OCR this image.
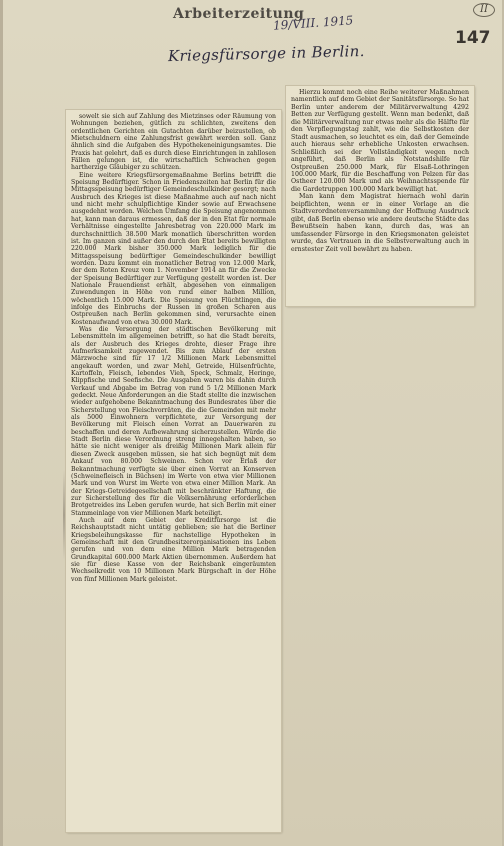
Arbeiterzeitung
19/VIII. 1915
II
147
Kriegsfürsorge in Berlin.

sowelt sie sich auf Zahlung des Mietzinses oder Räumung von Wohnungen beziehen, gütlich zu schlichten, zweitens den ordentlichen Gerichten ein Gutachten darüber beizustellen, ob Mietschuldnern eine Zahlungsfrist gewährt werden soll. Ganz ähnlich sind die Aufgaben des Hypothekeneinigungsamtes. Die Praxis hat gelehrt, daß es durch diese Einrichtungen in zahllosen Fällen gelungen ist, die wirtschaftlich Schwachen gegen hartherzige Gläubiger zu schützen.

Eine weitere Kriegsfürsorgemaßnahme Berlins betrifft die Speisung Bedürftiger. Schon in Friedenszeiten hat Berlin für die Mittagsspeisung bedürftiger Gemeindeschulkinder gesorgt; nach Ausbruch des Krieges ist diese Maßnahme auch auf nach nicht und nicht mehr schulpflichtige Kinder sowie auf Erwachsene ausgedehnt worden. Welchen Umfang die Speisung angenommen hat, kann man daraus ermessen, daß der in den Etat für normale Verhältnisse eingestellte Jahresbetrag von 220.000 Mark im durchschnittlich 38.500 Mark monatlich überschritten worden ist. Im ganzen sind außer den durch den Etat bereits bewilligten 220.000 Mark bisher 350.000 Mark lediglich für die Mittagsspeisung bedürftiger Gemeindeschulkinder bewilligt worden. Dazu kommt ein monatlicher Betrag von 12.000 Mark, der dem Roten Kreuz vom 1. November 1914 an für die Zwecke der Speisung Bedürftiger zur Verfügung gestellt worden ist. Der Nationale Frauendienst erhält, abgesehen von einmaligen Zuwendungen in Höhe von rund einer halben Million, wöchentlich 15.000 Mark. Die Speisung von Flüchtlingen, die infolge des Einbruchs der Russen in großen Scharen aus Ostpreußen nach Berlin gekommen sind, verursachte einen Kostenaufwand von etwa 30.000 Mark.

Was die Versorgung der städtischen Bevölkerung mit Lebensmitteln im allgemeinen betrifft, so hat die Stadt bereits, als der Ausbruch des Krieges drohte, dieser Frage ihre Aufmerksamkeit zugewendet. Bis zum Ablauf der ersten Märzwoche sind für 17 1/2 Millionen Mark Lebensmittel angekauft worden, und zwar Mehl, Getreide, Hülsenfrüchte, Kartoffeln, Fleisch, lebendes Vieh, Speck, Schmalz, Heringe, Klippfische und Seefische. Die Ausgaben waren bis dahin durch Verkauf und Abgabe im Betrag von rund 5 1/2 Millionen Mark gedeckt. Neue Anforderungen an die Stadt stellte die inzwischen wieder aufgehobene Bekanntmachung des Bundesrates über die Sicherstellung von Fleischvorräten, die die Gemeinden mit mehr als 5000 Einwohnern verpflichtete, zur Versorgung der Bevölkerung mit Fleisch einen Vorrat an Dauerwaren zu beschaffen und deren Aufbewahrung sicherzustellen. Würde die Stadt Berlin diese Verordnung streng innegehalten haben, so hätte sie nicht weniger als dreißig Millionen Mark allein für diesen Zweck ausgeben müssen, sie hat sich begnügt mit dem Ankauf von 80.000 Schweinen. Schon vor Erlaß der Bekanntmachung verfügte sie über einen Vorrat an Konserven (Schweinefleisch in Büchsen) im Werte von etwa vier Millionen Mark und von Wurst im Werte von etwa einer Million Mark. An der Kriegs-Getreidegesellschaft mit beschränkter Haftung, die zur Sicherstellung des für die Volksernährung erforderlichen Brotgetreides ins Leben gerufen wurde, hat sich Berlin mit einer Stammeinlage von vier Millionen Mark beteiligt.

Auch auf dem Gebiet der Kreditfürsorge ist die Reichshauptstadt nicht untätig geblieben; sie hat die Berliner Kriegsbeleihungskasse für nachstellige Hypotheken in Gemeinschaft mit den Grundbesitzerorganisationen ins Leben gerufen und von dem eine Million Mark betragenden Grundkapital 600.000 Mark Aktien übernommen. Außerdem hat sie für diese Kasse von der Reichsbank eingeräumten Wechselkredit von 10 Millionen Mark Bürgschaft in der Höhe von fünf Millionen Mark geleistet.

Hierzu kommt noch eine Reihe weiterer Maßnahmen namentlich auf dem Gebiet der Sanitätsfürsorge. So hat Berlin unter anderem der Militärverwaltung 4292 Betten zur Verfügung gestellt. Wenn man bedenkt, daß die Militärverwaltung nur etwas mehr als die Hälfte für den Verpflegungstag zahlt, wie die Selbstkosten der Stadt ausmachen, so leuchtet es ein, daß der Gemeinde auch hieraus sehr erhebliche Unkosten erwachsen. Schließlich sei der Vollständigkeit wegen noch angeführt, daß Berlin als Notstandshilfe für Ostpreußen 250.000 Mark, für Elsaß-Lothringen 100.000 Mark, für die Beschaffung von Pelzen für das Ostheer 120.000 Mark und als Weihnachtsspende für die Gardetruppen 100.000 Mark bewilligt hat.

Man kann dem Magistrat hiernach wohl darin beipflichten, wenn er in einer Vorlage an die Stadtverordnetenversammlung der Hoffnung Ausdruck gibt, daß Berlin ebenso wie andere deutsche Städte das Bewußtsein haben kann, durch das, was an umfassender Fürsorge in den Kriegsmonaten geleistet wurde, das Vertrauen in die Selbstverwaltung auch in ernstester Zeit voll bewährt zu haben.
